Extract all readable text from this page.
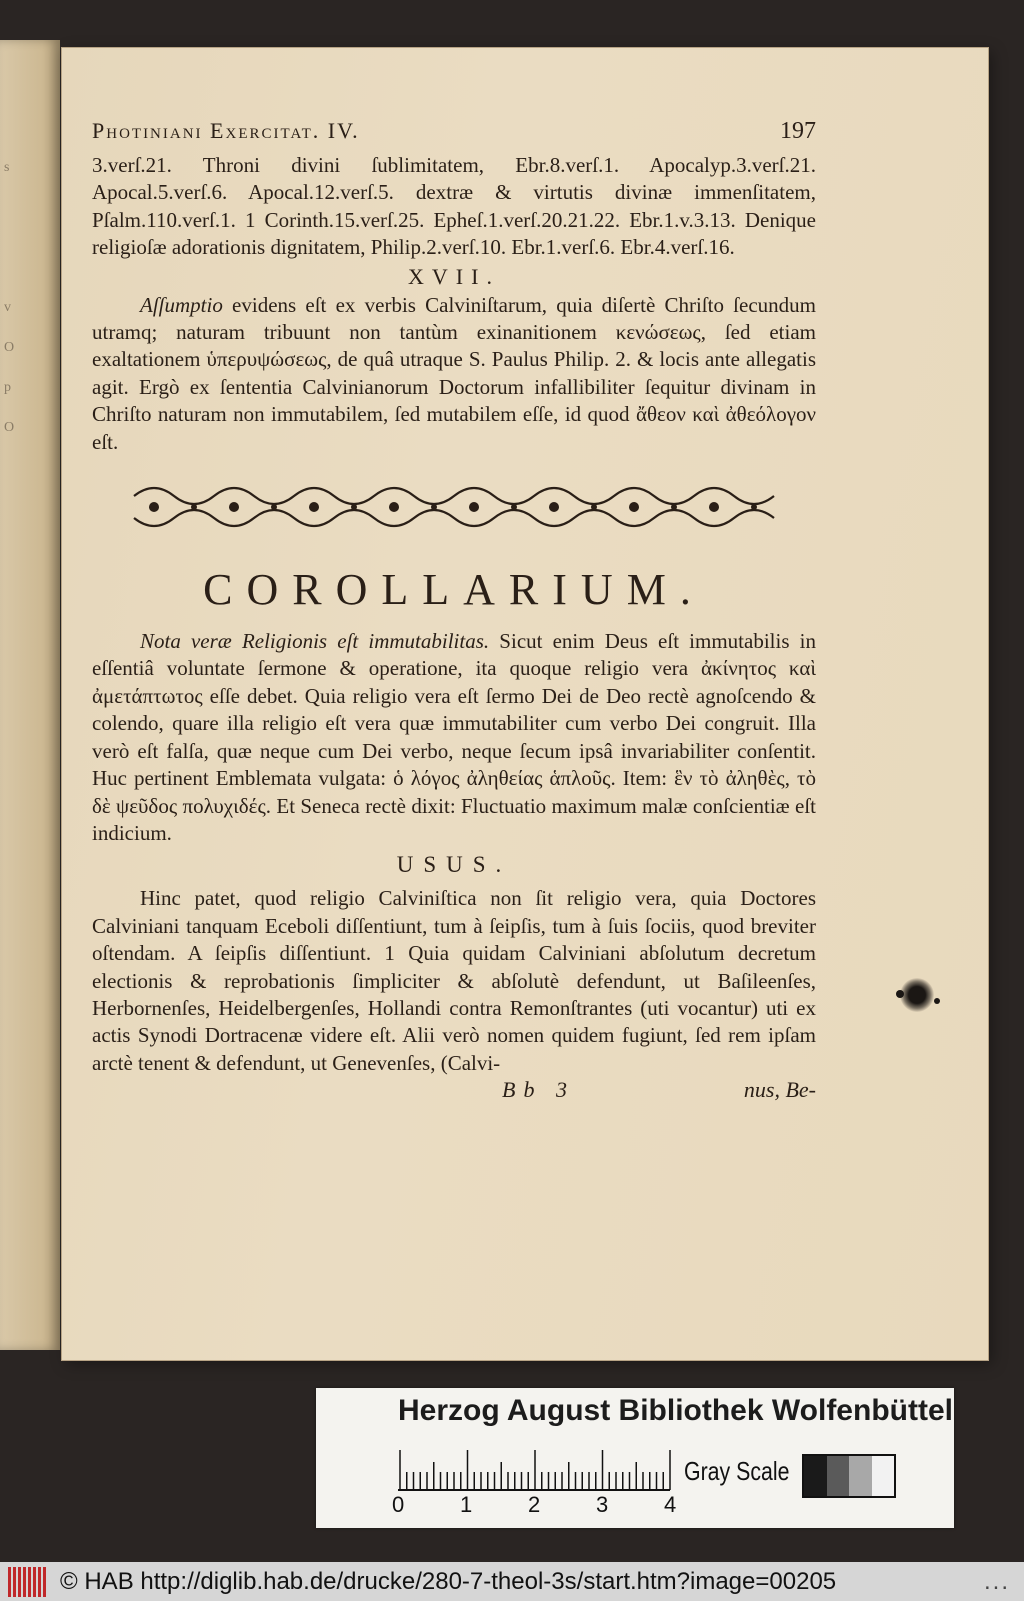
s
v
O
p
O
Photiniani Exercitat. IV.	197

3.verſ.21. Throni divini ſublimitatem, Ebr.8.verſ.1. Apocalyp.3.verſ.21. Apocal.5.verſ.6. Apocal.12.verſ.5. dextræ & virtutis divinæ immenſitatem, Pſalm.110.verſ.1. 1 Corinth.15.verſ.25. Epheſ.1.verſ.20.21.22. Ebr.1.v.3.13. Denique religioſæ adorationis dignitatem, Philip.2.verſ.10. Ebr.1.verſ.6. Ebr.4.verſ.16.

XVII.

Aſſumptio evidens eſt ex verbis Calviniſtarum, quia diſertè Chriſto ſecundum utramq; naturam tribuunt non tantùm exinanitionem κενώσεως, ſed etiam exaltationem ὑπερυψώσεως, de quâ utraque S. Paulus Philip. 2. & locis ante allegatis agit. Ergò ex ſententia Calvinianorum Doctorum infallibiliter ſequitur divinam in Chriſto naturam non immutabilem, ſed mutabilem eſſe, id quod ἄθεον καὶ ἀθεόλογον eſt.

COROLLARIUM.

Nota veræ Religionis eſt immutabilitas. Sicut enim Deus eſt immutabilis in eſſentiâ voluntate ſermone & operatione, ita quoque religio vera ἀκίνητος καὶ ἀμετάπτωτος eſſe debet. Quia religio vera eſt ſermo Dei de Deo rectè agnoſcendo & colendo, quare illa religio eſt vera quæ immutabiliter cum verbo Dei congruit. Illa verò eſt falſa, quæ neque cum Dei verbo, neque ſecum ipsâ invariabiliter conſentit. Huc pertinent Emblemata vulgata: ὁ λόγος ἀληθείας ἁπλοῦς. Item: ἓν τὸ ἀληθὲς, τὸ δὲ ψεῦδος πολυχιδές. Et Seneca rectè dixit: Fluctuatio maximum malæ conſcientiæ eſt indicium.

USUS.

Hinc patet, quod religio Calviniſtica non ſit religio vera, quia Doctores Calviniani tanquam Eceboli diſſentiunt, tum à ſeipſis, tum à ſuis ſociis, quod breviter oſtendam. A ſeipſis diſſentiunt. 1 Quia quidam Calviniani abſolutum decretum electionis & reprobationis ſimpliciter & abſolutè defendunt, ut Baſileenſes, Herbornenſes, Heidelbergenſes, Hollandi contra Remonſtrantes (uti vocantur) uti ex actis Synodi Dortracenæ videre eſt. Alii verò nomen quidem fugiunt, ſed rem ipſam arctè tenent & defendunt, ut Genevenſes, (Calvi-

Bb 3	nus, Be-
Herzog August Bibliothek Wolfenbüttel
0	1	2	3	4
Gray Scale
© HAB http://diglib.hab.de/drucke/280-7-theol-3s/start.htm?image=00205	...
